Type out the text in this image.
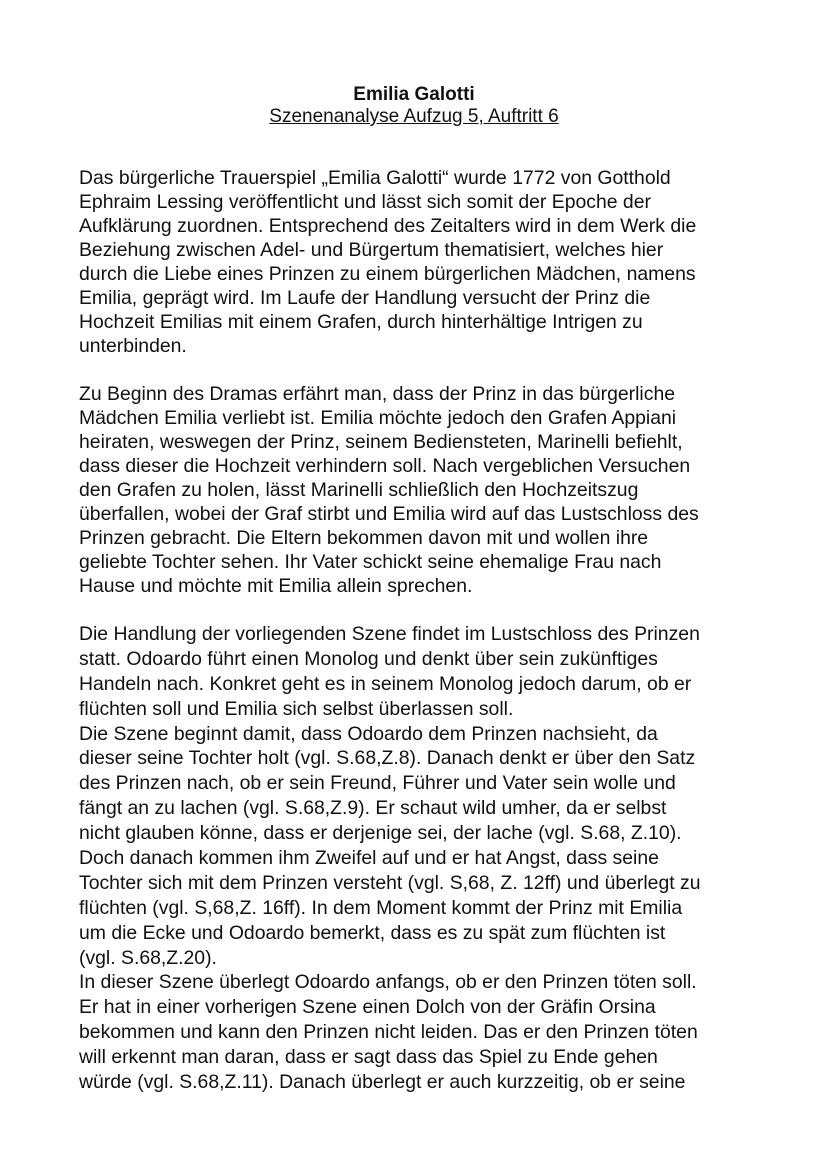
Emilia Galotti
Szenenanalyse Aufzug 5, Auftritt 6
Das bürgerliche Trauerspiel „Emilia Galotti“ wurde 1772 von Gotthold
Ephraim Lessing veröffentlicht und lässt sich somit der Epoche der
Aufklärung zuordnen. Entsprechend des Zeitalters wird in dem Werk die
Beziehung zwischen Adel- und Bürgertum thematisiert, welches hier
durch die Liebe eines Prinzen zu einem bürgerlichen Mädchen, namens
Emilia, geprägt wird. Im Laufe der Handlung versucht der Prinz die
Hochzeit Emilias mit einem Grafen, durch hinterhältige Intrigen zu
unterbinden.
Zu Beginn des Dramas erfährt man, dass der Prinz in das bürgerliche
Mädchen Emilia verliebt ist. Emilia möchte jedoch den Grafen Appiani
heiraten, weswegen der Prinz, seinem Bediensteten, Marinelli befiehlt,
dass dieser die Hochzeit verhindern soll. Nach vergeblichen Versuchen
den Grafen zu holen, lässt Marinelli schließlich den Hochzeitszug
überfallen, wobei der Graf stirbt und Emilia wird auf das Lustschloss des
Prinzen gebracht. Die Eltern bekommen davon mit und wollen ihre
geliebte Tochter sehen. Ihr Vater schickt seine ehemalige Frau nach
Hause und möchte mit Emilia allein sprechen.
Die Handlung der vorliegenden Szene findet im Lustschloss des Prinzen
statt. Odoardo führt einen Monolog und denkt über sein zukünftiges
Handeln nach. Konkret geht es in seinem Monolog jedoch darum, ob er
flüchten soll und Emilia sich selbst überlassen soll.
Die Szene beginnt damit, dass Odoardo dem Prinzen nachsieht, da
dieser seine Tochter holt (vgl. S.68,Z.8). Danach denkt er über den Satz
des Prinzen nach, ob er sein Freund, Führer und Vater sein wolle und
fängt an zu lachen (vgl. S.68,Z.9). Er schaut wild umher, da er selbst
nicht glauben könne, dass er derjenige sei, der lache (vgl. S.68, Z.10).
Doch danach kommen ihm Zweifel auf und er hat Angst, dass seine
Tochter sich mit dem Prinzen versteht (vgl. S,68, Z. 12ff) und überlegt zu
flüchten (vgl. S,68,Z. 16ff). In dem Moment kommt der Prinz mit Emilia
um die Ecke und Odoardo bemerkt, dass es zu spät zum flüchten ist
(vgl. S.68,Z.20).
In dieser Szene überlegt Odoardo anfangs, ob er den Prinzen töten soll.
Er hat in einer vorherigen Szene einen Dolch von der Gräfin Orsina
bekommen und kann den Prinzen nicht leiden. Das er den Prinzen töten
will erkennt man daran, dass er sagt dass das Spiel zu Ende gehen
würde (vgl. S.68,Z.11). Danach überlegt er auch kurzzeitig, ob er seine
